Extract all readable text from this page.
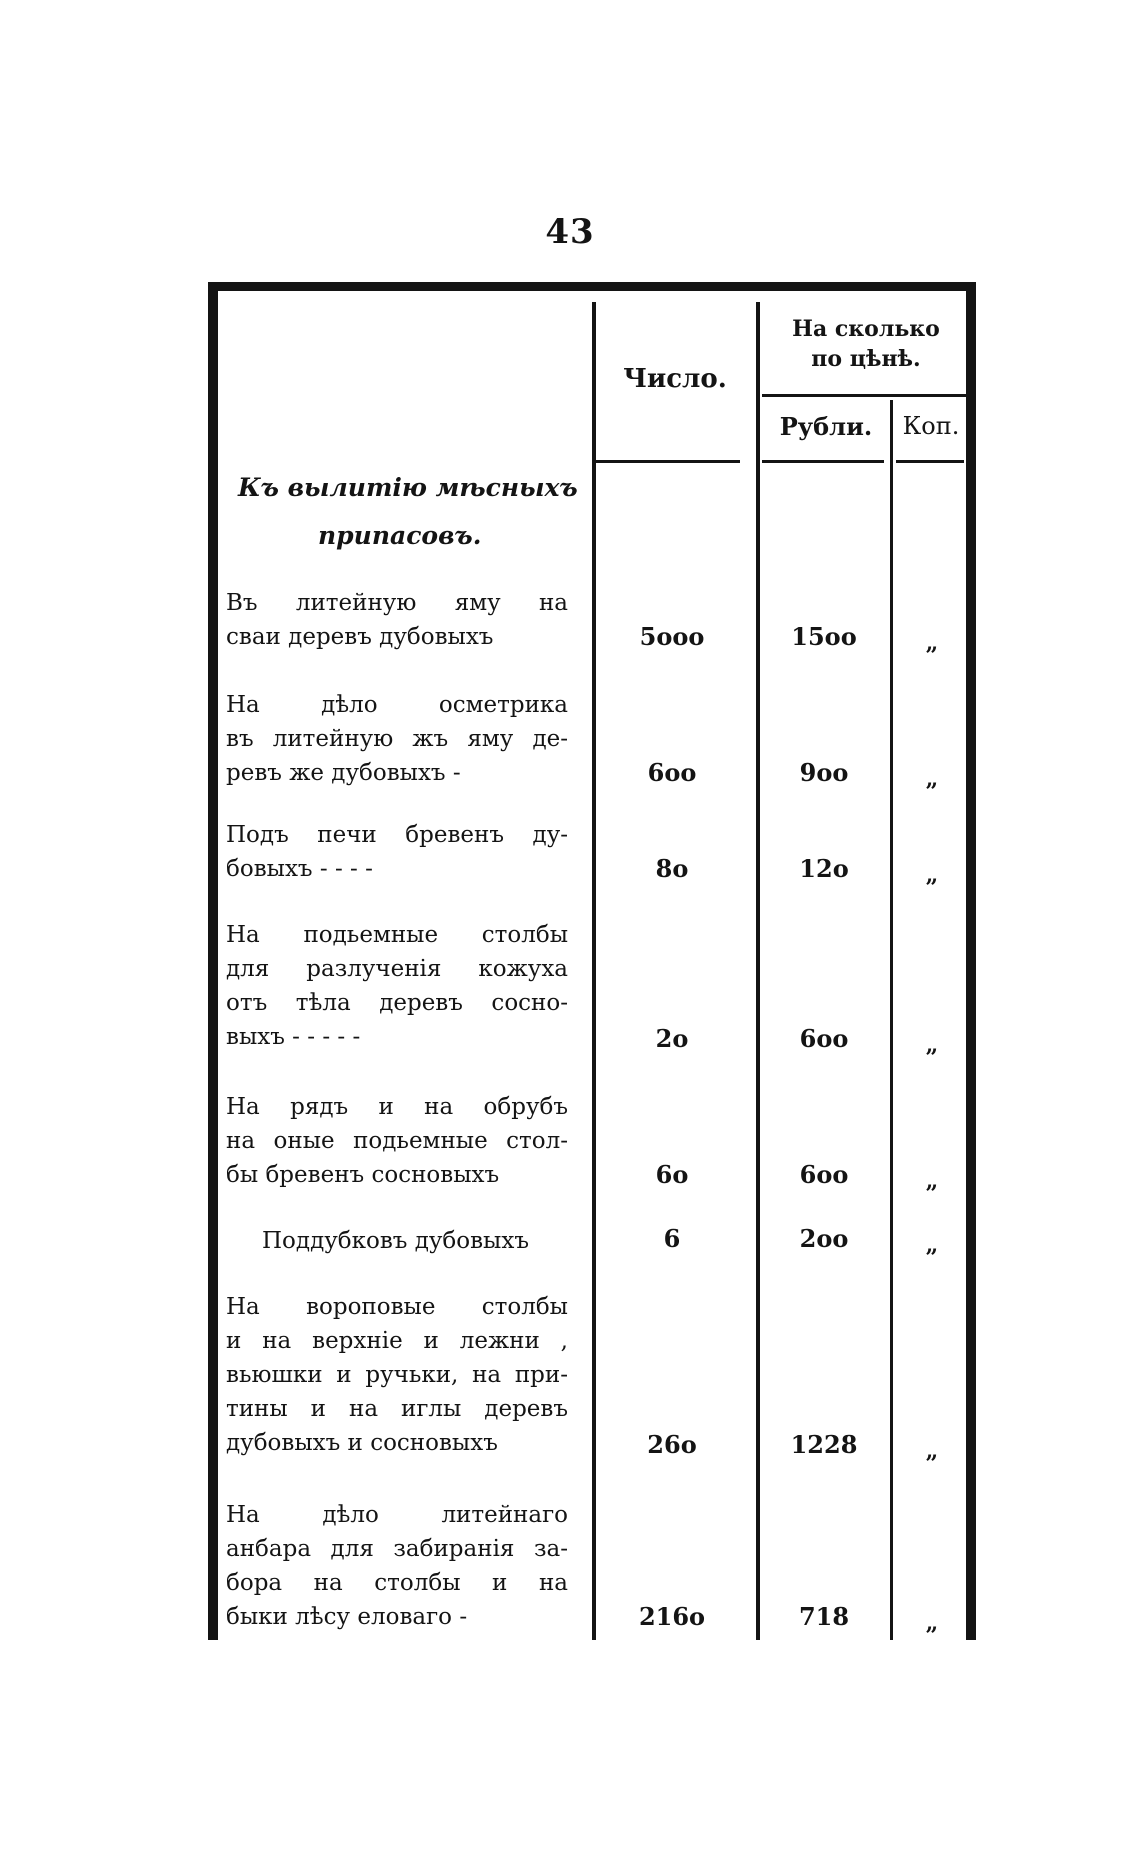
43
Число.
На сколько
по цѣнѣ.
Рубли.	Коп.
Къ вылитiю мѣсныхъ
припасовъ.
Въ литейную яму на
сваи деревъ дубовыхъ	5ооо	15оо	„
На дѣло осметрика
въ литейную жъ яму де-
ревъ же дубовыхъ -	6оо	9оо	„
Подъ печи бревенъ ду-
бовыхъ - - - -	8о	12о	„
На подьемные столбы
для разлученiя кожуха
отъ тѣла деревъ сосно-
выхъ - - - - -	2о	6оо	„
На рядъ и на обрубъ
на оные подьемные стол-
бы бревенъ сосновыхъ	6о	6оо	„
Поддубковъ дубовыхъ	6	2оо	„
На вороповые столбы
и на верхнiе и лежни ,
вьюшки и ручьки, на при-
тины и на иглы деревъ
дубовыхъ и сосновыхъ	26о	1228	„
На дѣло литейнаго
анбара для забиранiя за-
бора на столбы и на
быки лѣсу еловаго -	216о	718	„
